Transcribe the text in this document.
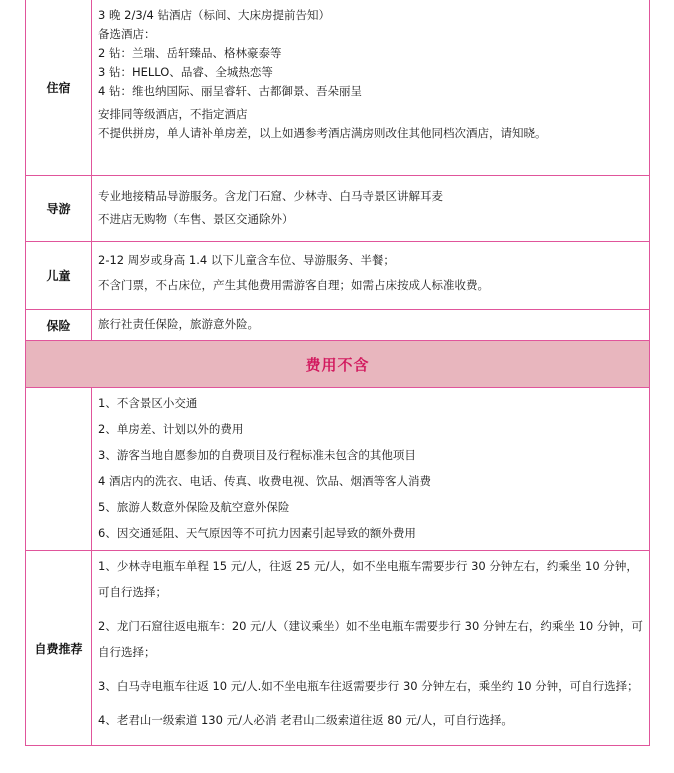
住宿
3 晚 2/3/4 钻酒店（标间、大床房提前告知）
备选酒店：
2 钻：兰瑞、岳轩臻品、格林豪泰等
3 钻：HELLO、品睿、全城热恋等
4 钻：维也纳国际、丽呈睿轩、古都御景、吾朵丽呈
安排同等级酒店，不指定酒店
不提供拼房，单人请补单房差，以上如遇参考酒店满房则改住其他同档次酒店，请知晓。
导游
专业地接精品导游服务。含龙门石窟、少林寺、白马寺景区讲解耳麦
不进店无购物（车售、景区交通除外）
儿童
2-12 周岁或身高 1.4 以下儿童含车位、导游服务、半餐；
不含门票，不占床位，产生其他费用需游客自理；如需占床按成人标准收费。
保险	旅行社责任保险，旅游意外险。
费用不含
1、不含景区小交通
2、单房差、计划以外的费用
3、游客当地自愿参加的自费项目及行程标准未包含的其他项目
4 酒店内的洗衣、电话、传真、收费电视、饮品、烟酒等客人消费
5、旅游人数意外保险及航空意外保险
6、因交通延阻、天气原因等不可抗力因素引起导致的额外费用
自费推荐
1、少林寺电瓶车单程 15 元/人，往返 25 元/人，如不坐电瓶车需要步行 30 分钟左右，约乘坐 10 分钟，可自行选择；
2、龙门石窟往返电瓶车：20 元/人（建议乘坐）如不坐电瓶车需要步行 30 分钟左右，约乘坐 10 分钟，可自行选择；
3、白马寺电瓶车往返 10 元/人.如不坐电瓶车往返需要步行 30 分钟左右，乘坐约 10 分钟，可自行选择；
4、老君山一级索道 130 元/人必消 老君山二级索道往返 80 元/人，可自行选择。
